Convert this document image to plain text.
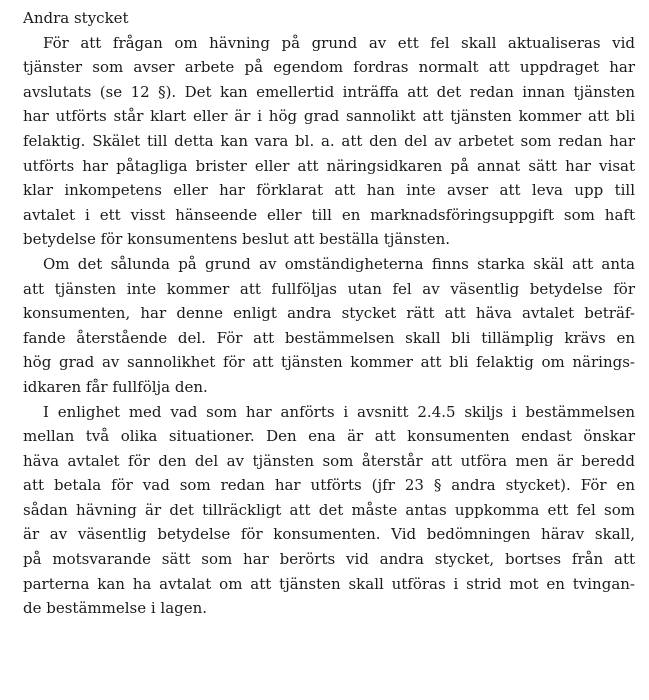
Andra stycket

För att frågan om hävning på grund av ett fel skall aktualiseras vid
tjänster som avser arbete på egendom fordras normalt att uppdraget har
avslutats (se 12 §). Det kan emellertid inträffa att det redan innan tjänsten
har utförts står klart eller är i hög grad sannolikt att tjänsten kommer att bli
felaktig. Skälet till detta kan vara bl. a. att den del av arbetet som redan har
utförts har påtagliga brister eller att näringsidkaren på annat sätt har visat
klar inkompetens eller har förklarat att han inte avser att leva upp till
avtalet i ett visst hänseende eller till en marknadsföringsuppgift som haft
betydelse för konsumentens beslut att beställa tjänsten.

Om det sålunda på grund av omständigheterna finns starka skäl att anta
att tjänsten inte kommer att fullföljas utan fel av väsentlig betydelse för
konsumenten, har denne enligt andra stycket rätt att häva avtalet beträf-
fande återstående del. För att bestämmelsen skall bli tillämplig krävs en
hög grad av sannolikhet för att tjänsten kommer att bli felaktig om närings-
idkaren får fullfölja den.

I enlighet med vad som har anförts i avsnitt 2.4.5 skiljs i bestämmelsen
mellan två olika situationer. Den ena är att konsumenten endast önskar
häva avtalet för den del av tjänsten som återstår att utföra men är beredd
att betala för vad som redan har utförts (jfr 23 § andra stycket). För en
sådan hävning är det tillräckligt att det måste antas uppkomma ett fel som
är av väsentlig betydelse för konsumenten. Vid bedömningen härav skall,
på motsvarande sätt som har berörts vid andra stycket, bortses från att
parterna kan ha avtalat om att tjänsten skall utföras i strid mot en tvingan-
de bestämmelse i lagen.
